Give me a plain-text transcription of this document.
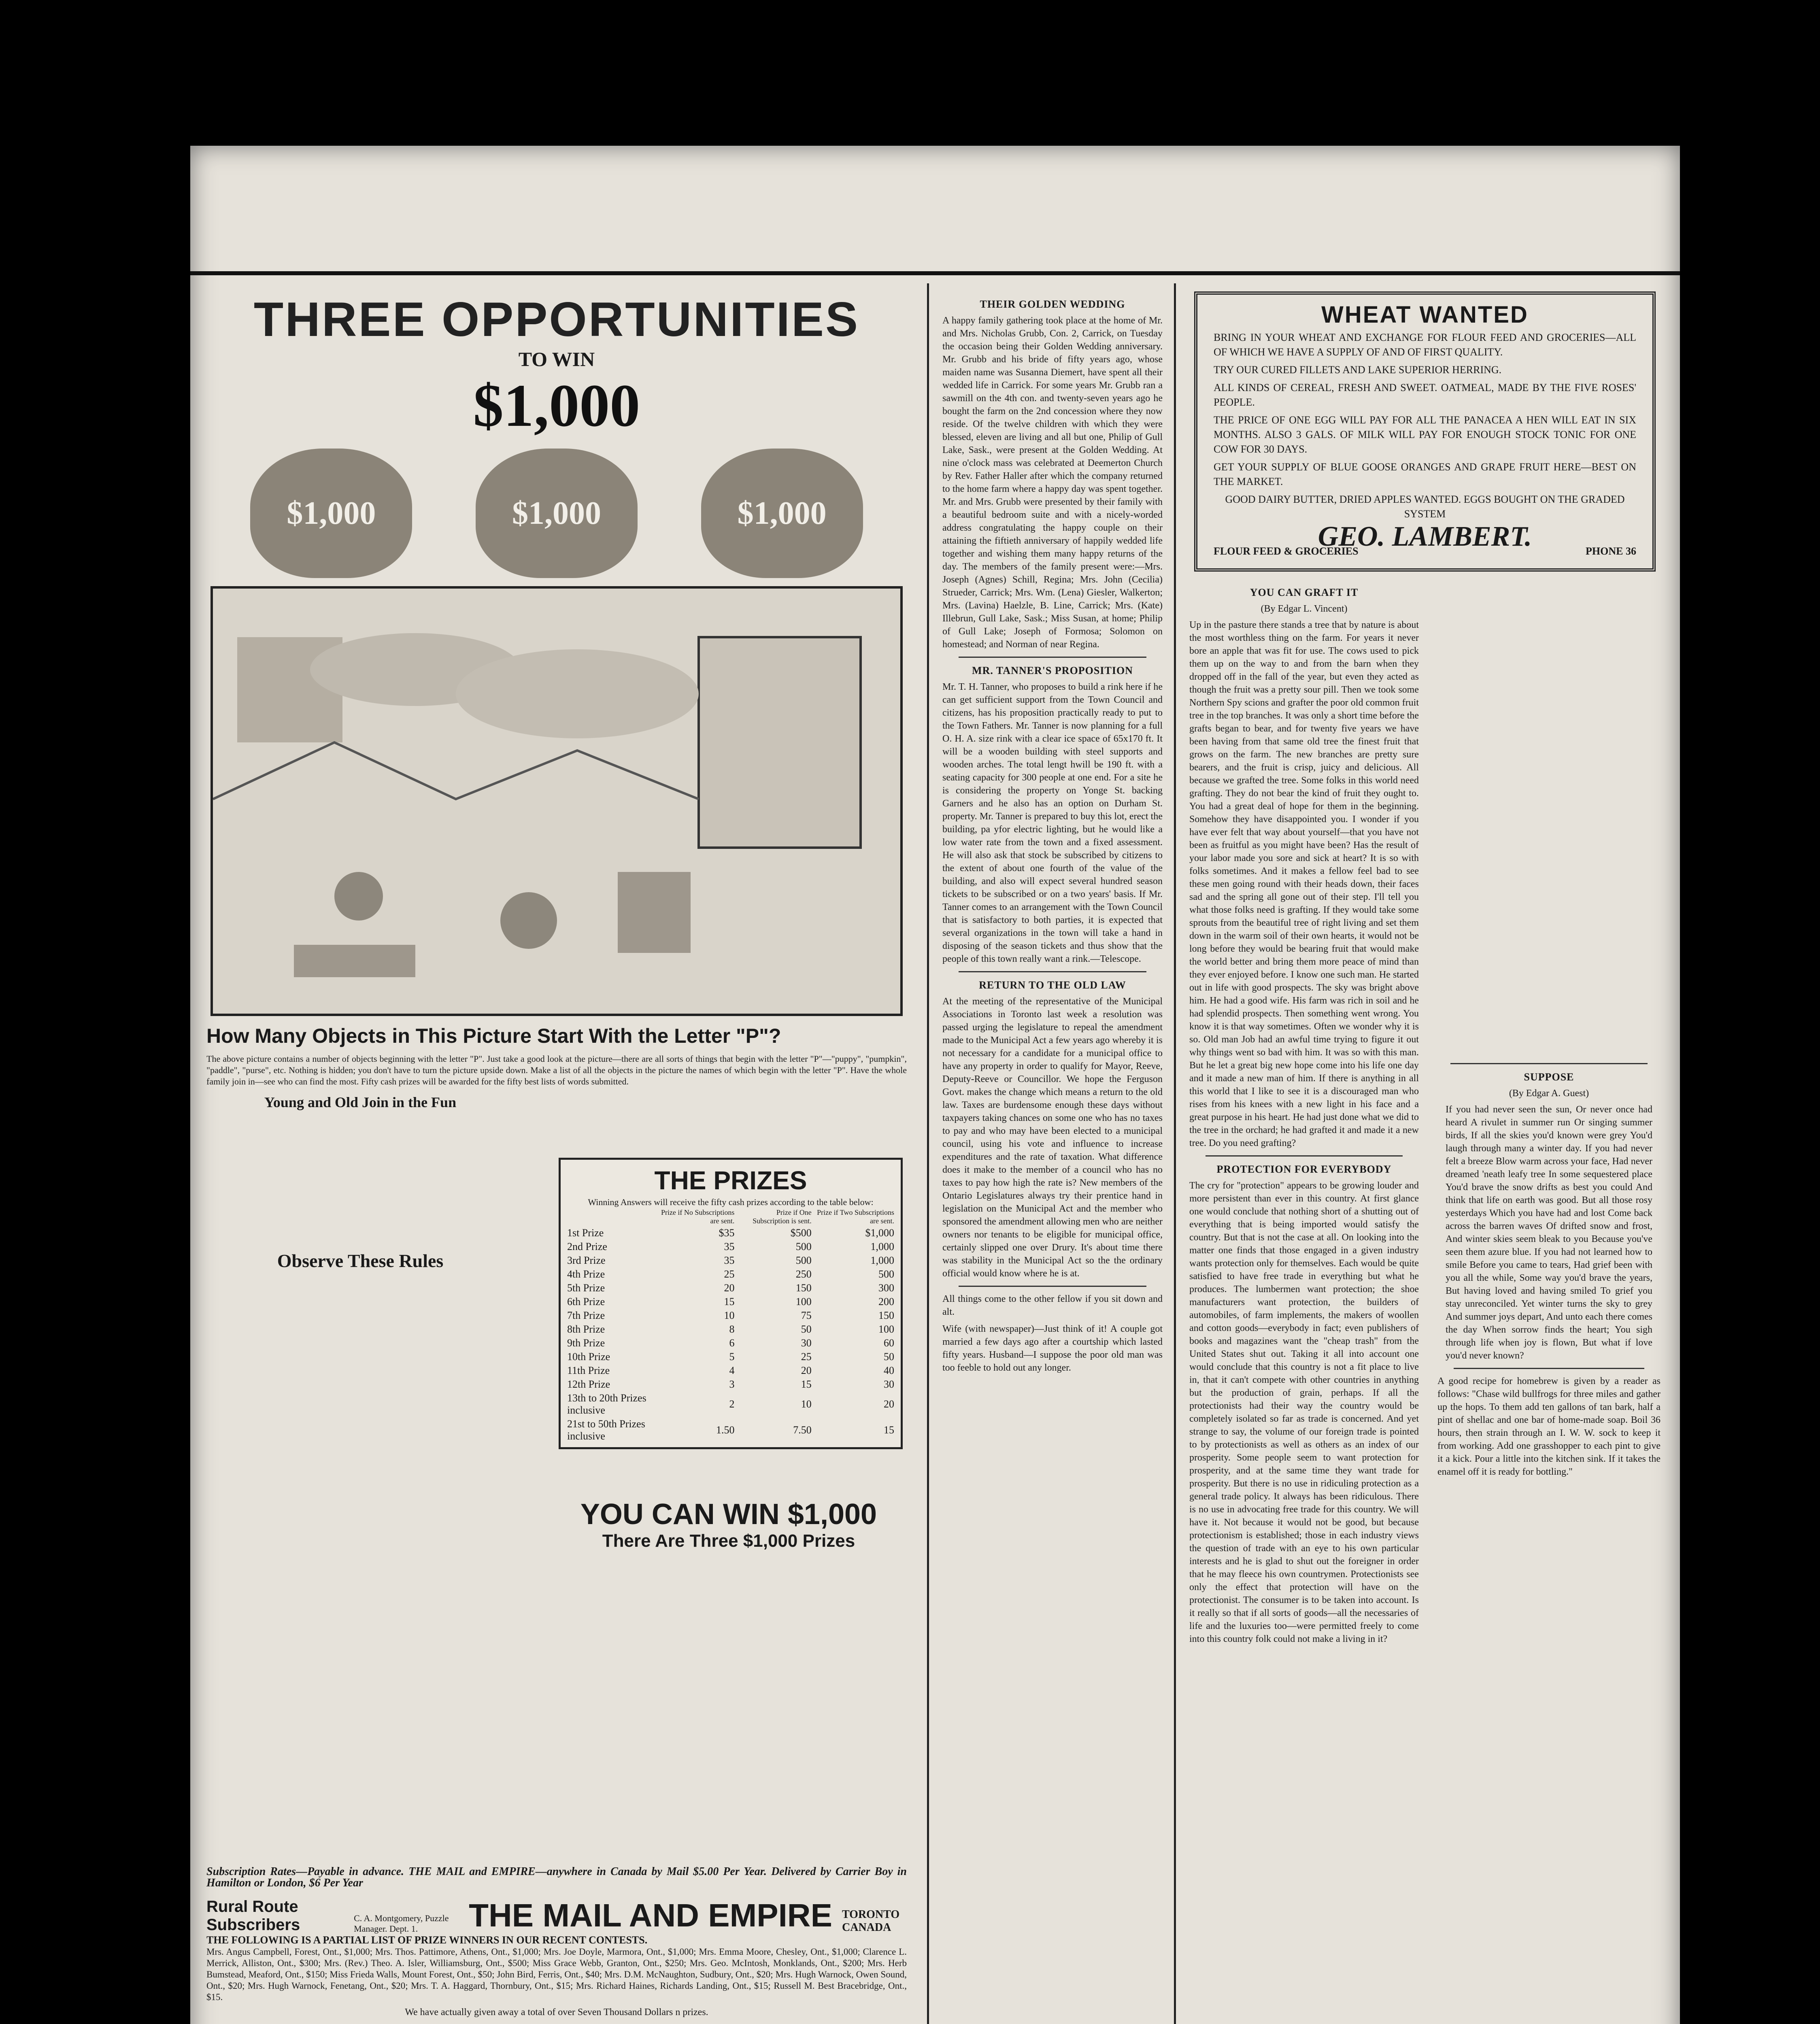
THREE OPPORTUNITIES
TO WIN
$1,000
$1,000	$1,000	$1,000
How Many Objects in This Picture Start With the Letter "P"?
The above picture contains a number of objects beginning with the letter "P". Just take a good look at the picture—there are all sorts of things that begin with the letter "P"—"puppy", "pumpkin", "paddle", "purse", etc. Nothing is hidden; you don't have to turn the picture upside down. Make a list of all the objects in the picture the names of which begin with the letter "P". Have the whole family join in—see who can find the most. Fifty cash prizes will be awarded for the fifty best lists of words submitted.
Young and Old Join in the Fun
Observe These Rules
THE PRIZES
Winning Answers will receive the fifty cash prizes according to the table below:
	Prize if No Subscriptions are sent.	Prize if One Subscription is sent.	Prize if Two Subscriptions are sent.
1st Prize	$35	$500	$1,000
2nd Prize	35	500	1,000
3rd Prize	35	500	1,000
4th Prize	25	250	500
5th Prize	20	150	300
6th Prize	15	100	200
7th Prize	10	75	150
8th Prize	8	50	100
9th Prize	6	30	60
10th Prize	5	25	50
11th Prize	4	20	40
12th Prize	3	15	30
13th to 20th Prizes inclusive	2	10	20
21st to 50th Prizes inclusive	1.50	7.50	15
YOU CAN WIN $1,000
There Are Three $1,000 Prizes
Subscription Rates—Payable in advance. THE MAIL and EMPIRE—anywhere in Canada by Mail $5.00 Per Year. Delivered by Carrier Boy in Hamilton or London, $6 Per Year
Rural Route Subscribers	C. A. Montgomery, Puzzle Manager. Dept. 1.	THE MAIL AND EMPIRE TORONTO CANADA
THE FOLLOWING IS A PARTIAL LIST OF PRIZE WINNERS IN OUR RECENT CONTESTS.
Mrs. Angus Campbell, Forest, Ont., $1,000; Mrs. Thos. Pattimore, Athens, Ont., $1,000; Mrs. Joe Doyle, Marmora, Ont., $1,000; Mrs. Emma Moore, Chesley, Ont., $1,000; Clarence L. Merrick, Alliston, Ont., $300; Mrs. (Rev.) Theo. A. Isler, Williamsburg, Ont., $500; Miss Grace Webb, Granton, Ont., $250; Mrs. Geo. McIntosh, Monklands, Ont., $200; Mrs. Herb Bumstead, Meaford, Ont., $150; Miss Frieda Walls, Mount Forest, Ont., $50; John Bird, Ferris, Ont., $40; Mrs. D.M. McNaughton, Sudbury, Ont., $20; Mrs. Hugh Warnock, Owen Sound, Ont., $20; Mrs. Hugh Warnock, Fenetang, Ont., $20; Mrs. T. A. Haggard, Thornbury, Ont., $15; Mrs. Richard Haines, Richards Landing, Ont., $15; Russell M. Best Bracebridge, Ont., $15.
We have actually given away a total of over Seven Thousand Dollars n prizes.
THEIR GOLDEN WEDDING
A happy family gathering took place at the home of Mr. and Mrs. Nicholas Grubb, Con. 2, Carrick, on Tuesday the occasion being their Golden Wedding anniversary. Mr. Grubb and his bride of fifty years ago, whose maiden name was Susanna Diemert, have spent all their wedded life in Carrick. For some years Mr. Grubb ran a sawmill on the 4th con. and twenty-seven years ago he bought the farm on the 2nd concession where they now reside. Of the twelve children with which they were blessed, eleven are living and all but one, Philip of Gull Lake, Sask., were present at the Golden Wedding. At nine o'clock mass was celebrated at Deemerton Church by Rev. Father Haller after which the company returned to the home farm where a happy day was spent together. Mr. and Mrs. Grubb were presented by their family with a beautiful bedroom suite and with a nicely-worded address congratulating the happy couple on their attaining the fiftieth anniversary of happily wedded life together and wishing them many happy returns of the day. The members of the family present were:—Mrs. Joseph (Agnes) Schill, Regina; Mrs. John (Cecilia) Strueder, Carrick; Mrs. Wm. (Lena) Giesler, Walkerton; Mrs. (Lavina) Haelzle, B. Line, Carrick; Mrs. (Kate) Illebrun, Gull Lake, Sask.; Miss Susan, at home; Philip of Gull Lake; Joseph of Formosa; Solomon on homestead; and Norman of near Regina.
MR. TANNER'S PROPOSITION
Mr. T. H. Tanner, who proposes to build a rink here if he can get sufficient support from the Town Council and citizens, has his proposition practically ready to put to the Town Fathers. Mr. Tanner is now planning for a full O. H. A. size rink with a clear ice space of 65x170 ft. It will be a wooden building with steel supports and wooden arches. The total lengt hwill be 190 ft. with a seating capacity for 300 people at one end. For a site he is considering the property on Yonge St. backing Garners and he also has an option on Durham St. property. Mr. Tanner is prepared to buy this lot, erect the building, pa yfor electric lighting, but he would like a low water rate from the town and a fixed assessment. He will also ask that stock be subscribed by citizens to the extent of about one fourth of the value of the building, and also will expect several hundred season tickets to be subscribed or on a two years' basis. If Mr. Tanner comes to an arrangement with the Town Council that is satisfactory to both parties, it is expected that several organizations in the town will take a hand in disposing of the season tickets and thus show that the people of this town really want a rink.—Telescope.
RETURN TO THE OLD LAW
At the meeting of the representative of the Municipal Associations in Toronto last week a resolution was passed urging the legislature to repeal the amendment made to the Municipal Act a few years ago whereby it is not necessary for a candidate for a municipal office to have any property in order to qualify for Mayor, Reeve, Deputy-Reeve or Councillor. We hope the Ferguson Govt. makes the change which means a return to the old law. Taxes are burdensome enough these days without taxpayers taking chances on some one who has no taxes to pay and who may have been elected to a municipal council, using his vote and influence to increase expenditures and the rate of taxation. What difference does it make to the member of a council who has no taxes to pay how high the rate is? New members of the Ontario Legislatures always try their prentice hand in legislation on the Municipal Act and the member who sponsored the amendment allowing men who are neither owners nor tenants to be eligible for municipal office, certainly slipped one over Drury. It's about time there was stability in the Municipal Act so the the ordinary official would know where he is at.
All things come to the other fellow if you sit down and alt.
Wife (with newspaper)—Just think of it! A couple got married a few days ago after a courtship which lasted fifty years. Husband—I suppose the poor old man was too feeble to hold out any longer.
WHEAT WANTED

BRING IN YOUR WHEAT AND EXCHANGE FOR FLOUR FEED AND GROCERIES—ALL OF WHICH WE HAVE A SUPPLY OF AND OF FIRST QUALITY.

TRY OUR CURED FILLETS AND LAKE SUPERIOR HERRING.

ALL KINDS OF CEREAL, FRESH AND SWEET. OATMEAL, MADE BY THE FIVE ROSES' PEOPLE.

THE PRICE OF ONE EGG WILL PAY FOR ALL THE PANACEA A HEN WILL EAT IN SIX MONTHS. ALSO 3 GALS. OF MILK WILL PAY FOR ENOUGH STOCK TONIC FOR ONE COW FOR 30 DAYS.

GET YOUR SUPPLY OF BLUE GOOSE ORANGES AND GRAPE FRUIT HERE—BEST ON THE MARKET.

GOOD DAIRY BUTTER, DRIED APPLES WANTED. EGGS BOUGHT ON THE GRADED SYSTEM

GEO. LAMBERT.
FLOUR FEED & GROCERIES	PHONE 36
YOU CAN GRAFT IT
(By Edgar L. Vincent)
Up in the pasture there stands a tree that by nature is about the most worthless thing on the farm. For years it never bore an apple that was fit for use. The cows used to pick them up on the way to and from the barn when they dropped off in the fall of the year, but even they acted as though the fruit was a pretty sour pill. Then we took some Northern Spy scions and grafter the poor old common fruit tree in the top branches. It was only a short time before the grafts began to bear, and for twenty five years we have been having from that same old tree the finest fruit that grows on the farm. The new branches are pretty sure bearers, and the fruit is crisp, juicy and delicious. All because we grafted the tree. Some folks in this world need grafting. They do not bear the kind of fruit they ought to. You had a great deal of hope for them in the beginning. Somehow they have disappointed you. I wonder if you have ever felt that way about yourself—that you have not been as fruitful as you might have been? Has the result of your labor made you sore and sick at heart? It is so with folks sometimes. And it makes a fellow feel bad to see these men going round with their heads down, their faces sad and the spring all gone out of their step. I'll tell you what those folks need is grafting. If they would take some sprouts from the beautiful tree of right living and set them down in the warm soil of their own hearts, it would not be long before they would be bearing fruit that would make the world better and bring them more peace of mind than they ever enjoyed before. I know one such man. He started out in life with good prospects. The sky was bright above him. He had a good wife. His farm was rich in soil and he had splendid prospects. Then something went wrong. You know it is that way sometimes. Often we wonder why it is so. Old man Job had an awful time trying to figure it out why things went so bad with him. It was so with this man. But he let a great big new hope come into his life one day and it made a new man of him. If there is anything in all this world that I like to see it is a discouraged man who rises from his knees with a new light in his face and a great purpose in his heart. He had just done what we did to the tree in the orchard; he had grafted it and made it a new tree. Do you need grafting?
PROTECTION FOR EVERYBODY
The cry for "protection" appears to be growing louder and more persistent than ever in this country. At first glance one would conclude that nothing short of a shutting out of everything that is being imported would satisfy the country. But that is not the case at all. On looking into the matter one finds that those engaged in a given industry wants protection only for themselves. Each would be quite satisfied to have free trade in everything but what he produces. The lumbermen want protection; the shoe manufacturers want protection, the builders of automobiles, of farm implements, the makers of woollen and cotton goods—everybody in fact; even publishers of books and magazines want the "cheap trash" from the United States shut out. Taking it all into account one would conclude that this country is not a fit place to live in, that it can't compete with other countries in anything but the production of grain, perhaps. If all the protectionists had their way the country would be completely isolated so far as trade is concerned. And yet strange to say, the volume of our foreign trade is pointed to by protectionists as well as others as an index of our prosperity. Some people seem to want protection for prosperity, and at the same time they want trade for prosperity. But there is no use in ridiculing protection as a general trade policy. It always has been ridiculous. There is no use in advocating free trade for this country. We will have it. Not because it would not be good, but because protectionism is established; those in each industry views the question of trade with an eye to his own particular interests and he is glad to shut out the foreigner in order that he may fleece his own countrymen. Protectionists see only the effect that protection will have on the protectionist. The consumer is to be taken into account. Is it really so that if all sorts of goods—all the necessaries of life and the luxuries too—were permitted freely to come into this country folk could not make a living in it?
SUPPOSE
(By Edgar A. Guest)
If you had never seen the sun, Or never once had heard A rivulet in summer run Or singing summer birds, If all the skies you'd known were grey You'd laugh through many a winter day. If you had never felt a breeze Blow warm across your face, Had never dreamed 'neath leafy tree In some sequestered place You'd brave the snow drifts as best you could And think that life on earth was good. But all those rosy yesterdays Which you have had and lost Come back across the barren waves Of drifted snow and frost, And winter skies seem bleak to you Because you've seen them azure blue. If you had not learned how to smile Before you came to tears, Had grief been with you all the while, Some way you'd brave the years, But having loved and having smiled To grief you stay unreconciled. Yet winter turns the sky to grey And summer joys depart, And unto each there comes the day When sorrow finds the heart; You sigh through life when joy is flown, But what if love you'd never known?
A good recipe for homebrew is given by a reader as follows: "Chase wild bullfrogs for three miles and gather up the hops. To them add ten gallons of tan bark, half a pint of shellac and one bar of home-made soap. Boil 36 hours, then strain through an I. W. W. sock to keep it from working. Add one grasshopper to each pint to give it a kick. Pour a little into the kitchen sink. If it takes the enamel off it is ready for bottling."
